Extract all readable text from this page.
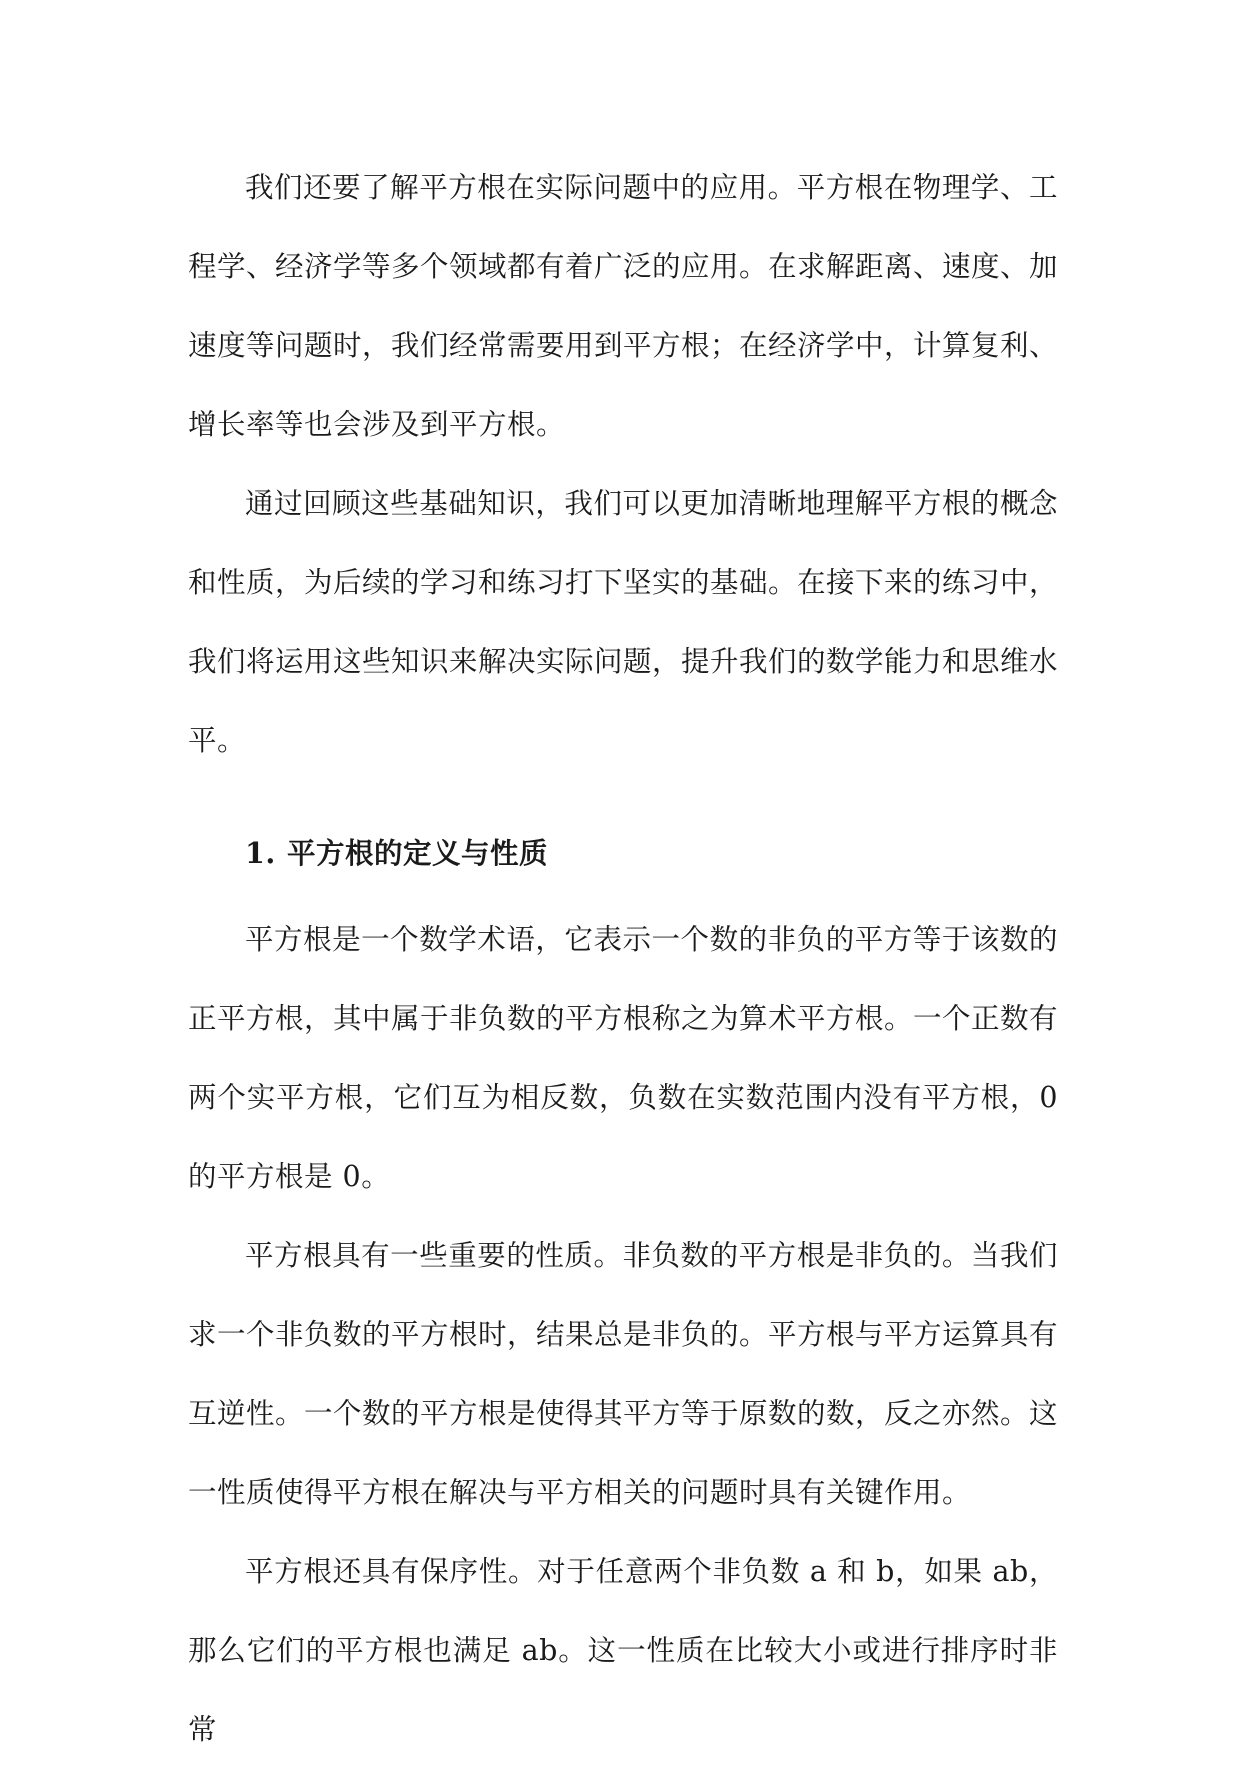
我们还要了解平方根在实际问题中的应用。平方根在物理学、工程学、经济学等多个领域都有着广泛的应用。在求解距离、速度、加速度等问题时，我们经常需要用到平方根；在经济学中，计算复利、增长率等也会涉及到平方根。

通过回顾这些基础知识，我们可以更加清晰地理解平方根的概念和性质，为后续的学习和练习打下坚实的基础。在接下来的练习中，我们将运用这些知识来解决实际问题，提升我们的数学能力和思维水平。

1. 平方根的定义与性质

平方根是一个数学术语，它表示一个数的非负的平方等于该数的正平方根，其中属于非负数的平方根称之为算术平方根。一个正数有两个实平方根，它们互为相反数，负数在实数范围内没有平方根，0的平方根是 0。

平方根具有一些重要的性质。非负数的平方根是非负的。当我们求一个非负数的平方根时，结果总是非负的。平方根与平方运算具有互逆性。一个数的平方根是使得其平方等于原数的数，反之亦然。这一性质使得平方根在解决与平方相关的问题时具有关键作用。

平方根还具有保序性。对于任意两个非负数 a 和 b，如果 ab，那么它们的平方根也满足 ab。这一性质在比较大小或进行排序时非常
